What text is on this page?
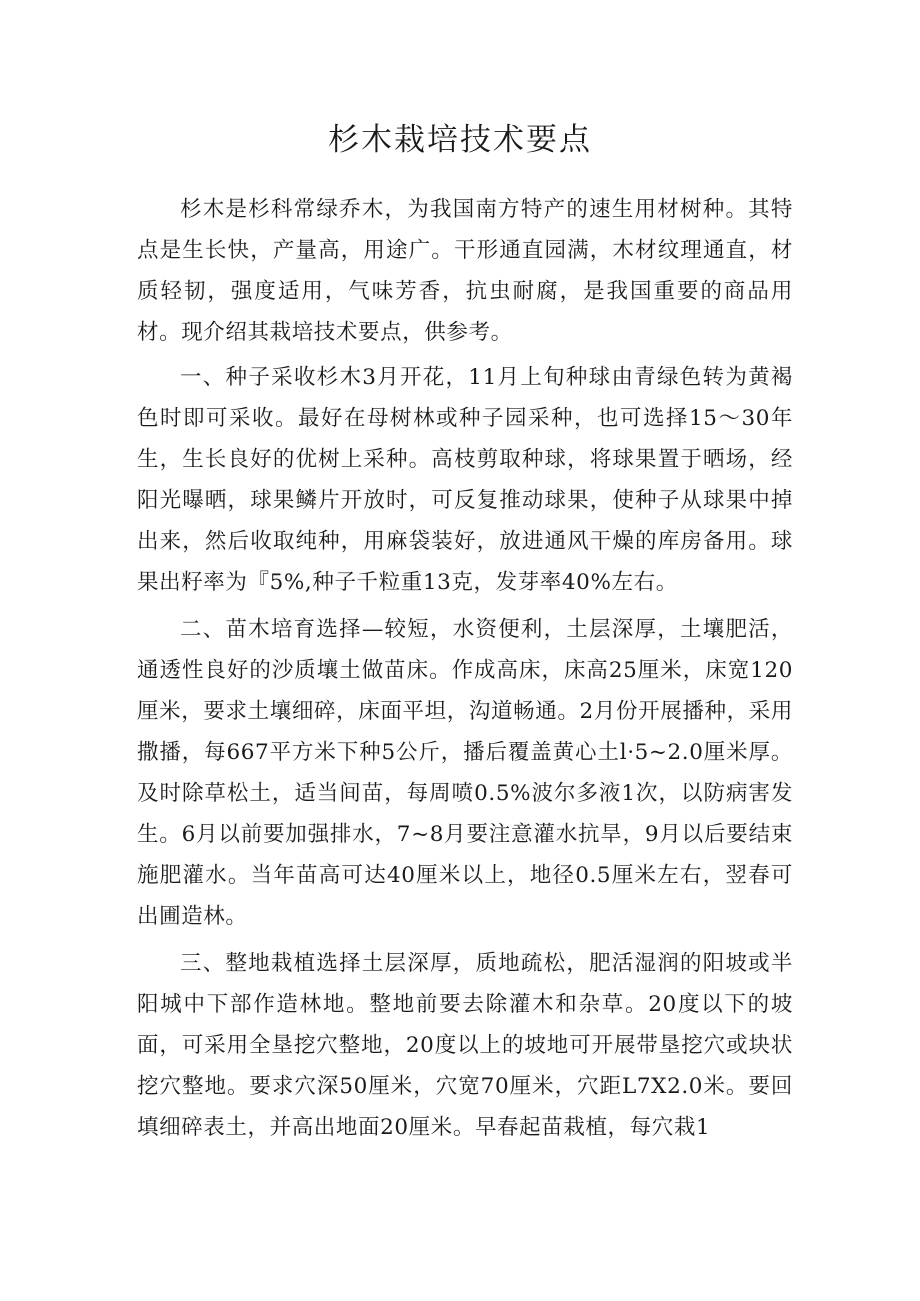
杉木栽培技术要点

杉木是杉科常绿乔木，为我国南方特产的速生用材树种。其特点是生长快，产量高，用途广。干形通直园满，木材纹理通直，材质轻韧，强度适用，气味芳香，抗虫耐腐，是我国重要的商品用材。现介绍其栽培技术要点，供参考。

一、种子采收杉木3月开花，11月上旬种球由青绿色转为黄褐色时即可采收。最好在母树林或种子园采种，也可选择15～30年生，生长良好的优树上采种。高枝剪取种球，将球果置于晒场，经阳光曝晒，球果鳞片开放时，可反复推动球果，使种子从球果中掉出来，然后收取纯种，用麻袋装好，放进通风干燥的库房备用。球果出籽率为『5%,种子千粒重13克，发芽率40%左右。

二、苗木培育选择—较短，水资便利，土层深厚，土壤肥活，通透性良好的沙质壤土做苗床。作成高床，床高25厘米，床宽120厘米，要求土壤细碎，床面平坦，沟道畅通。2月份开展播种，采用撒播，每667平方米下种5公斤，播后覆盖黄心土l·5~2.0厘米厚。及时除草松土，适当间苗，每周喷0.5%波尔多液1次，以防病害发生。6月以前要加强排水，7~8月要注意灌水抗旱，9月以后要结束施肥灌水。当年苗高可达40厘米以上，地径0.5厘米左右，翌春可出圃造林。

三、整地栽植选择土层深厚，质地疏松，肥活湿润的阳坡或半阳城中下部作造林地。整地前要去除灌木和杂草。20度以下的坡面，可采用全垦挖穴整地，20度以上的坡地可开展带垦挖穴或块状挖穴整地。要求穴深50厘米，穴宽70厘米，穴距L7X2.0米。要回填细碎表土，并高出地面20厘米。早春起苗栽植，每穴栽1
